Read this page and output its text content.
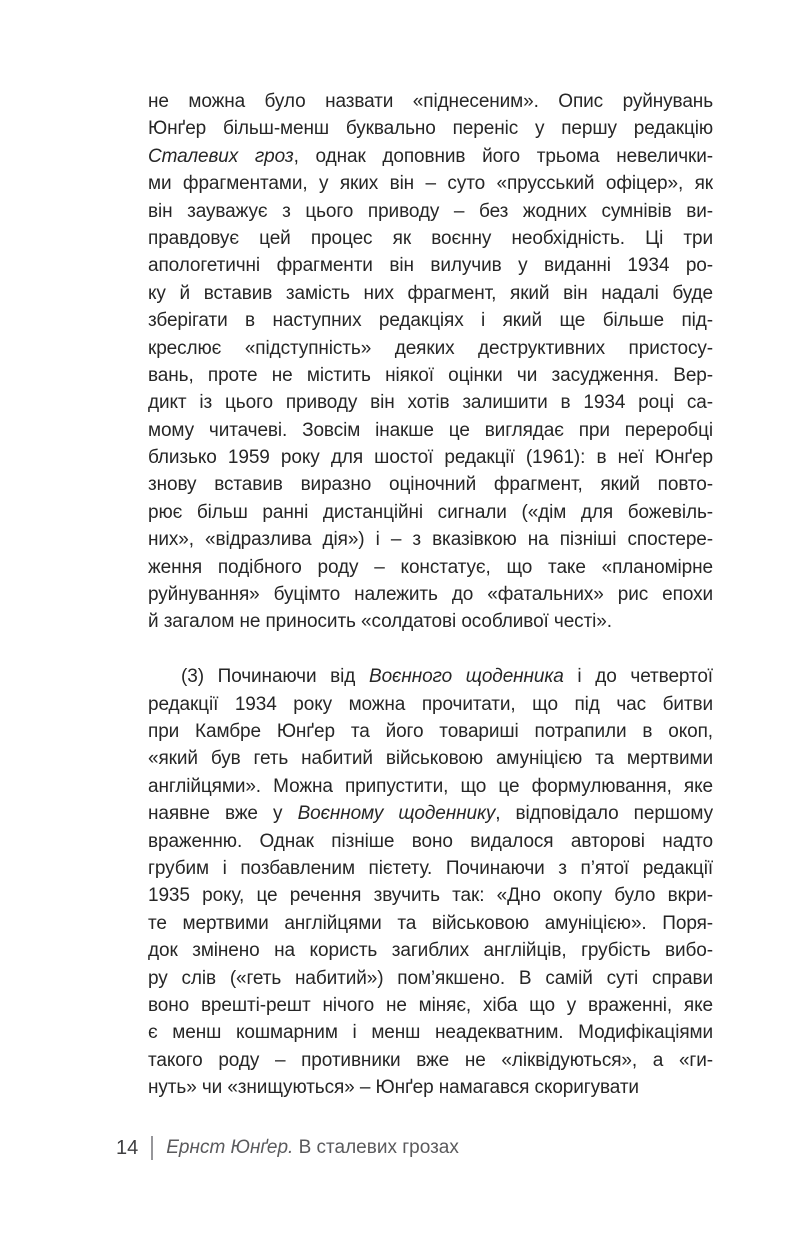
не можна було назвати «піднесеним». Опис руйнувань
Юнґер більш-менш буквально переніс у першу редакцію
Сталевих гроз, однак доповнив його трьома невелички-
ми фрагментами, у яких він – суто «прусський офіцер», як
він зауважує з цього приводу – без жодних сумнівів ви-
правдовує цей процес як воєнну необхідність. Ці три
апологетичні фрагменти він вилучив у виданні 1934 ро-
ку й вставив замість них фрагмент, який він надалі буде
зберігати в наступних редакціях і який ще більше під-
креслює «підступність» деяких деструктивних пристосу-
вань, проте не містить ніякої оцінки чи засудження. Вер-
дикт із цього приводу він хотів залишити в 1934 році са-
мому читачеві. Зовсім інакше це виглядає при переробці
близько 1959 року для шостої редакції (1961): в неї Юнґер
знову вставив виразно оціночний фрагмент, який повто-
рює більш ранні дистанційні сигнали («дім для божевіль-
них», «відразлива дія») і – з вказівкою на пізніші спостере-
ження подібного роду – констатує, що таке «планомірне
руйнування» буцімто належить до «фатальних» рис епохи
й загалом не приносить «солдатові особливої честі».
(3) Починаючи від Воєнного щоденника і до четвертої
редакції 1934 року можна прочитати, що під час битви
при Камбре Юнґер та його товариші потрапили в окоп,
«який був геть набитий військовою амуніцією та мертвими
англійцями». Можна припустити, що це формулювання, яке
наявне вже у Воєнному щоденнику, відповідало першому
враженню. Однак пізніше воно видалося авторові надто
грубим і позбавленим пієтету. Починаючи з п’ятої редакції
1935 року, це речення звучить так: «Дно окопу було вкри-
те мертвими англійцями та військовою амуніцією». Поря-
док змінено на користь загиблих англійців, грубість вибо-
ру слів («геть набитий») пом’якшено. В самій суті справи
воно врешті-решт нічого не міняє, хіба що у враженні, яке
є менш кошмарним і менш неадекватним. Модифікаціями
такого роду – противники вже не «ліквідуються», а «ги-
нуть» чи «знищуються» – Юнґер намагався скоригувати
14 Ернст Юнґер. В сталевих грозах
